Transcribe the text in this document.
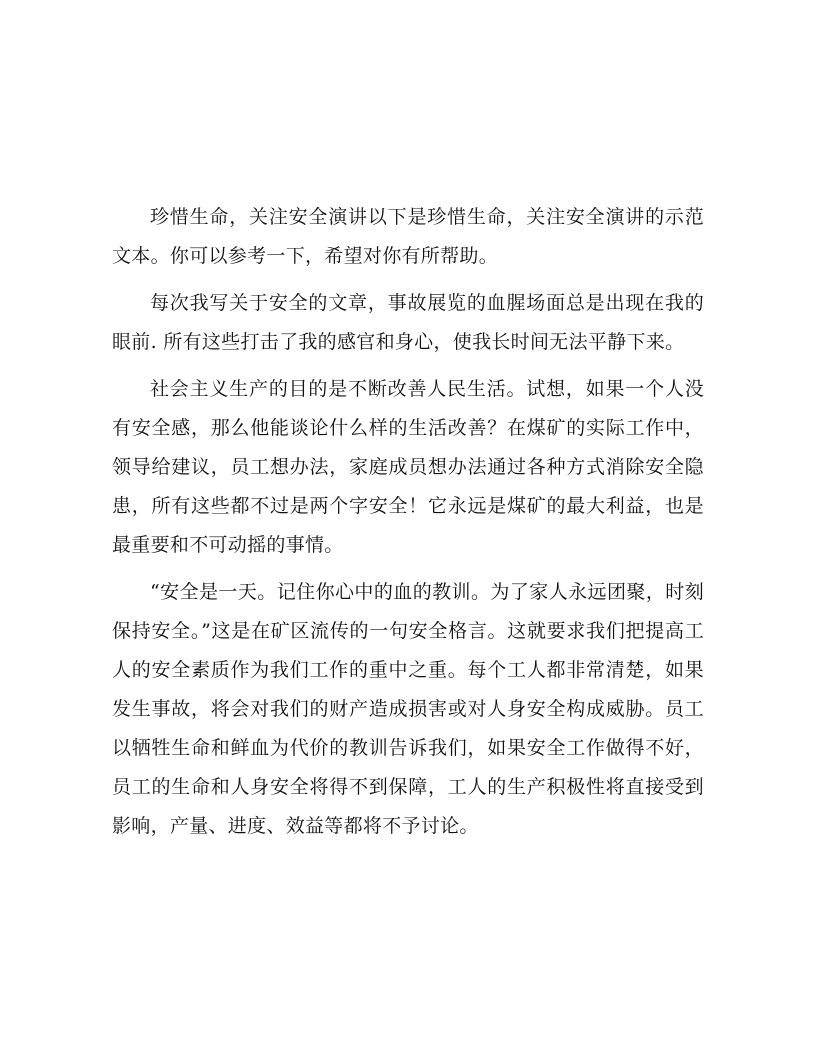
珍惜生命，关注安全演讲以下是珍惜生命，关注安全演讲的示范文本。你可以参考一下，希望对你有所帮助。

每次我写关于安全的文章，事故展览的血腥场面总是出现在我的眼前. 所有这些打击了我的感官和身心，使我长时间无法平静下来。

社会主义生产的目的是不断改善人民生活。试想，如果一个人没有安全感，那么他能谈论什么样的生活改善？在煤矿的实际工作中，领导给建议，员工想办法，家庭成员想办法通过各种方式消除安全隐患，所有这些都不过是两个字安全！它永远是煤矿的最大利益，也是最重要和不可动摇的事情。

“安全是一天。记住你心中的血的教训。为了家人永远团聚，时刻保持安全。”这是在矿区流传的一句安全格言。这就要求我们把提高工人的安全素质作为我们工作的重中之重。每个工人都非常清楚，如果发生事故，将会对我们的财产造成损害或对人身安全构成威胁。员工以牺牲生命和鲜血为代价的教训告诉我们，如果安全工作做得不好，员工的生命和人身安全将得不到保障，工人的生产积极性将直接受到影响，产量、进度、效益等都将不予讨论。
